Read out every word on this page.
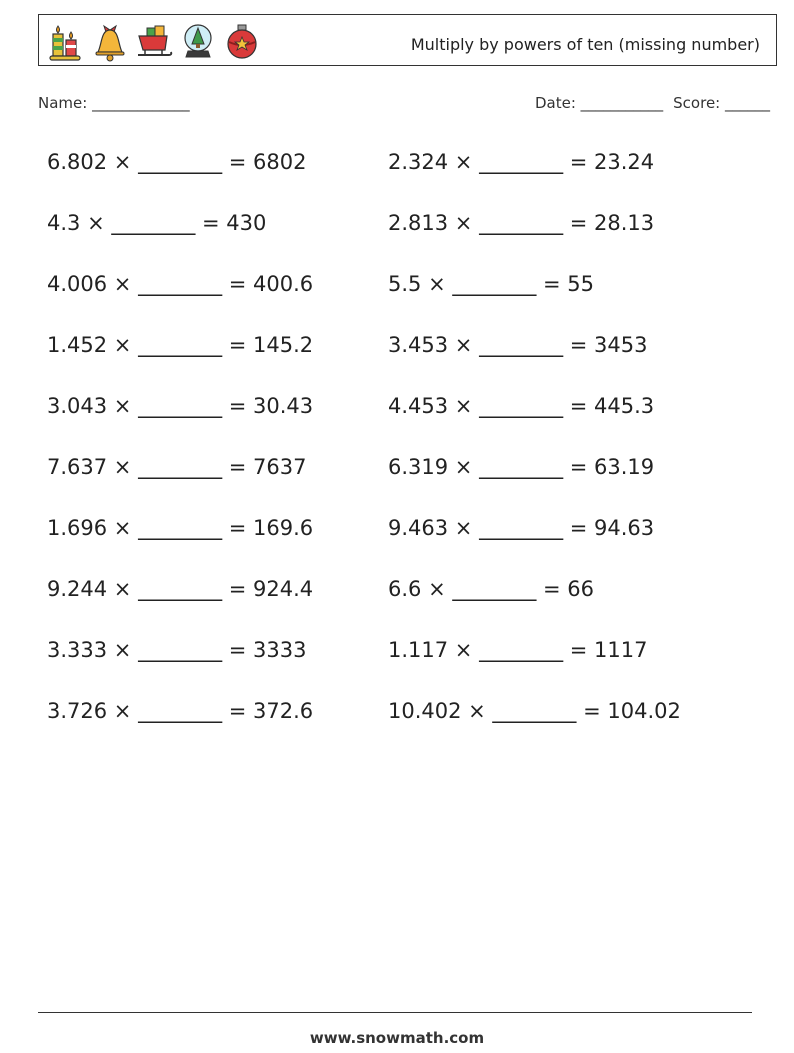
Multiply by powers of ten (missing number)
Name: _____________	Date: ___________ Score: ______
6.802 × ________ = 6802	2.324 × ________ = 23.24
4.3 × ________ = 430	2.813 × ________ = 28.13
4.006 × ________ = 400.6	5.5 × ________ = 55
1.452 × ________ = 145.2	3.453 × ________ = 3453
3.043 × ________ = 30.43	4.453 × ________ = 445.3
7.637 × ________ = 7637	6.319 × ________ = 63.19
1.696 × ________ = 169.6	9.463 × ________ = 94.63
9.244 × ________ = 924.4	6.6 × ________ = 66
3.333 × ________ = 3333	1.117 × ________ = 1117
3.726 × ________ = 372.6	10.402 × ________ = 104.02
www.snowmath.com
